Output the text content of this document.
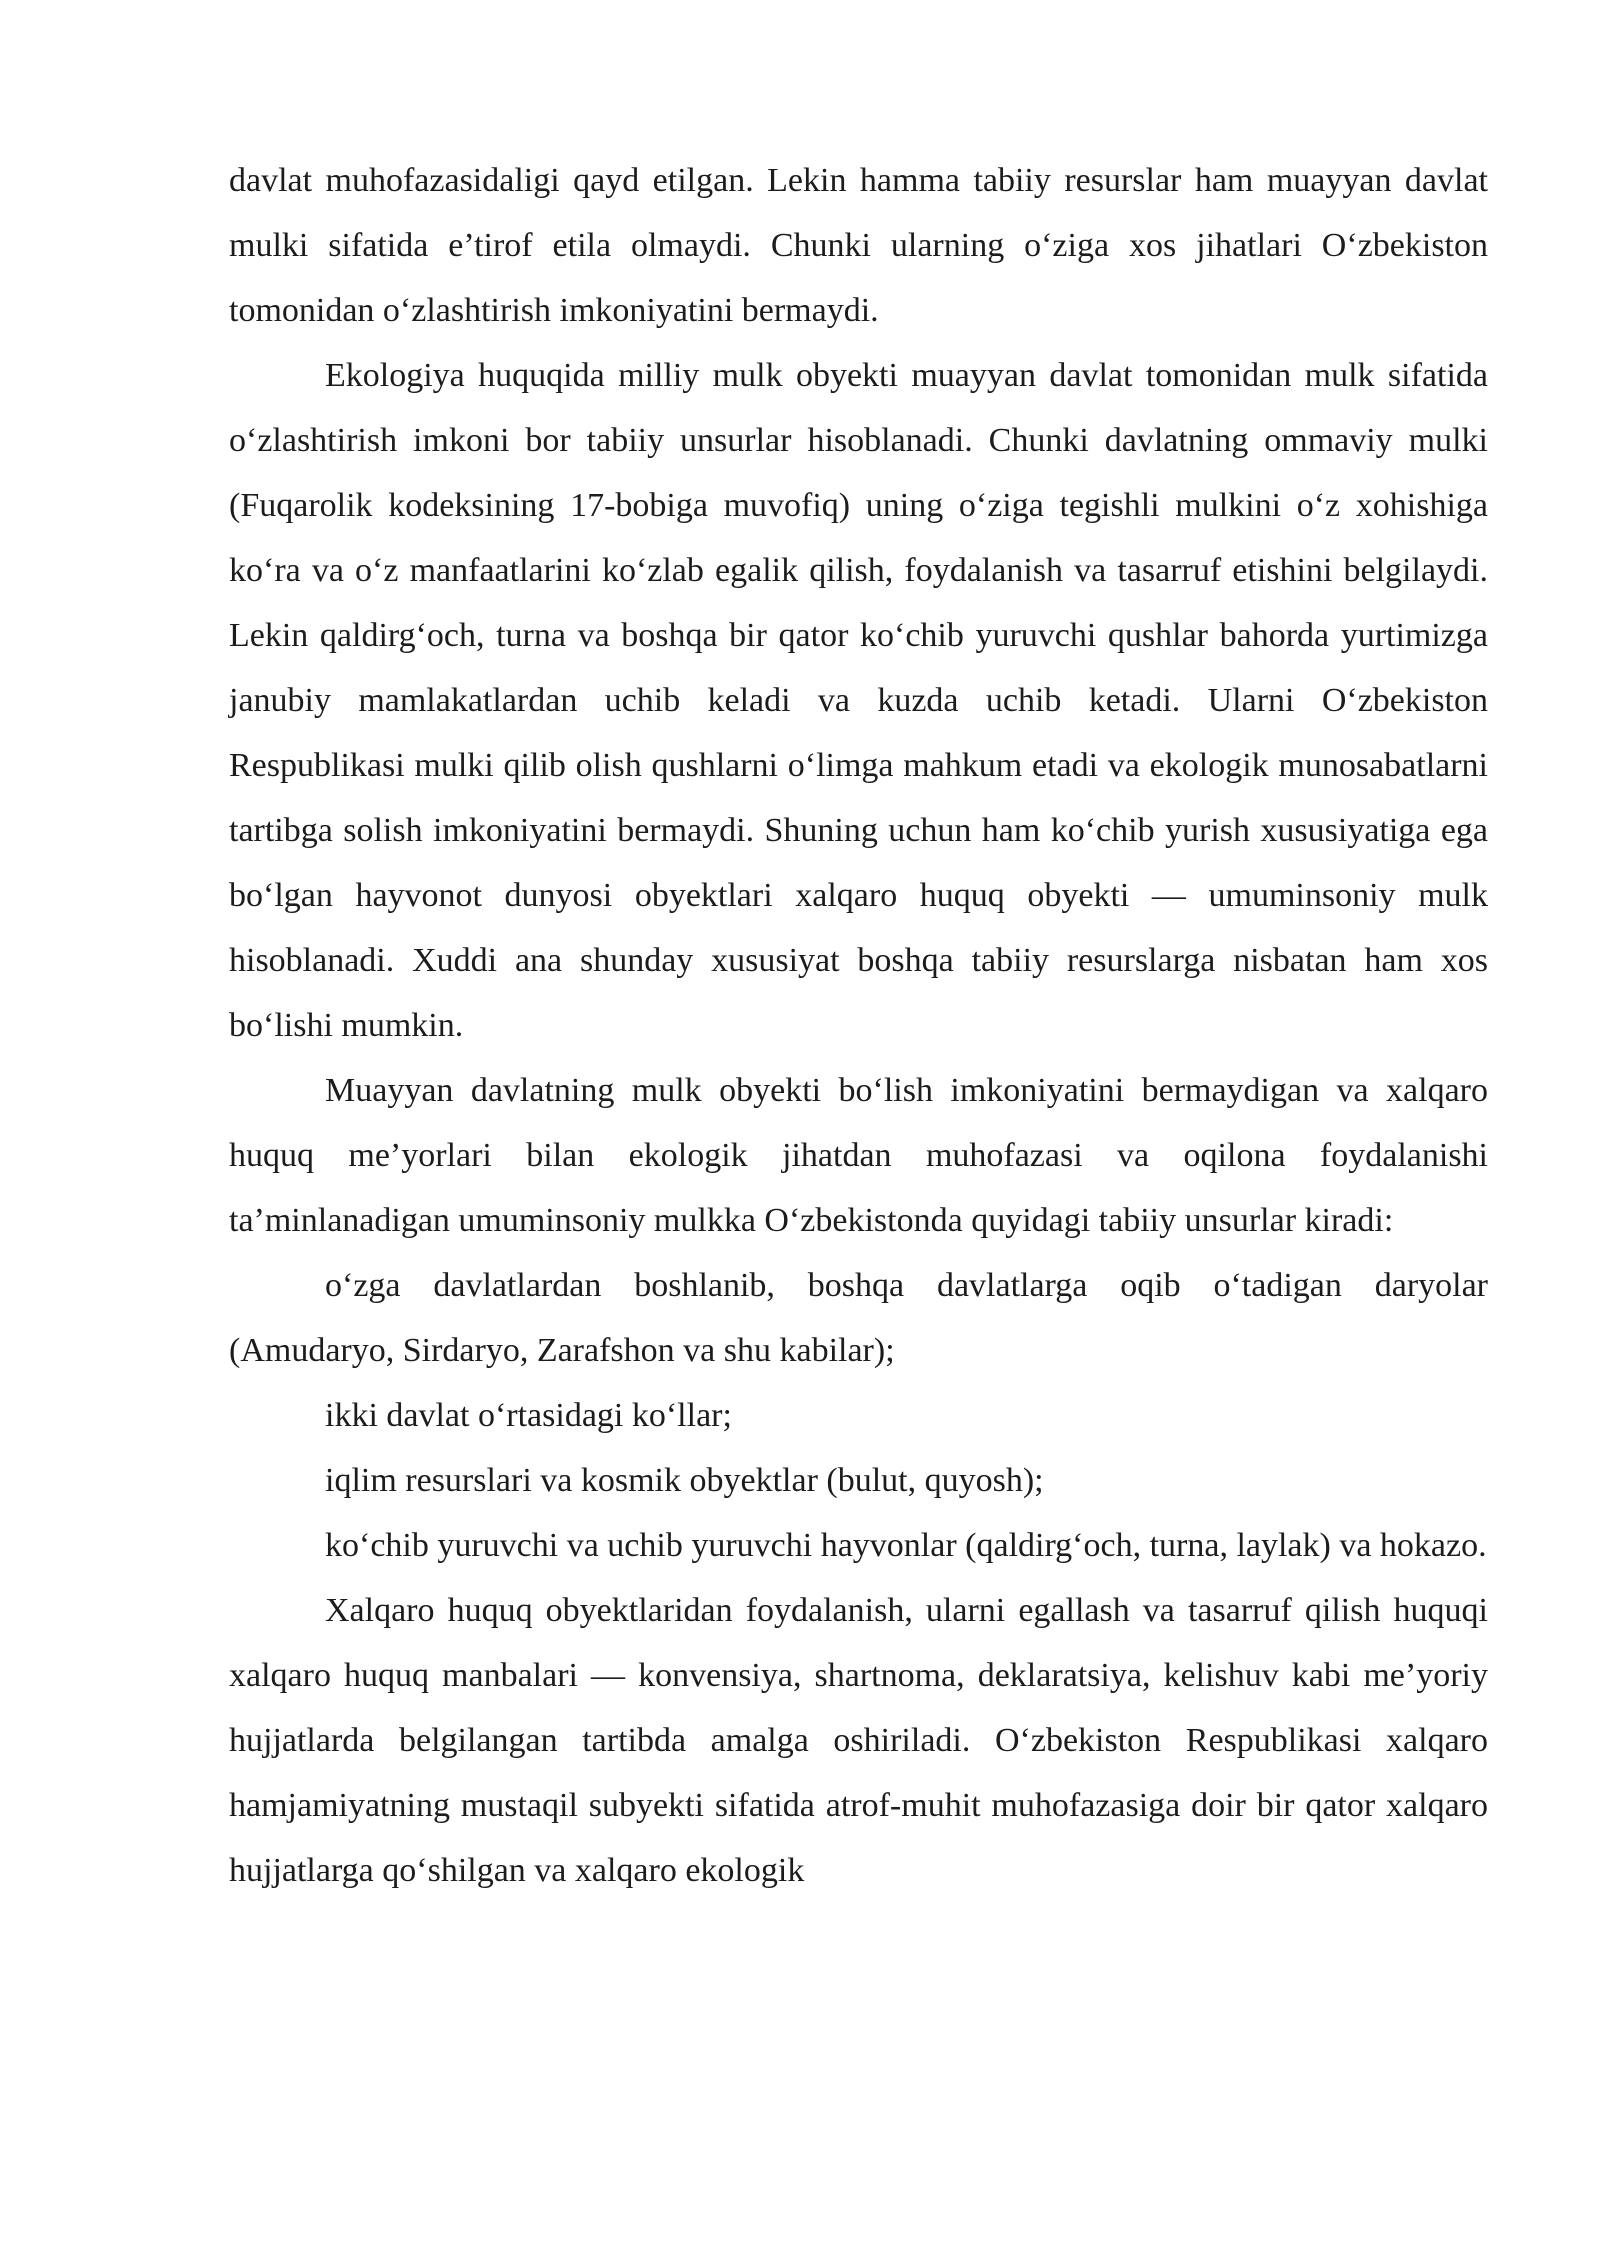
davlat muhofazasidaligi qayd etilgan. Lekin hamma tabiiy resurslar ham muayyan davlat mulki sifatida e’tirof etila olmaydi. Chunki ularning o‘ziga xos jihatlari O‘zbekiston tomonidan o‘zlashtirish imkoniyatini bermaydi.

Ekologiya huquqida milliy mulk obyekti muayyan davlat tomonidan mulk sifatida o‘zlashtirish imkoni bor tabiiy unsurlar hisoblanadi. Chunki davlatning ommaviy mulki (Fuqarolik kodeksining 17-bobiga muvofiq) uning o‘ziga tegishli mulkini o‘z xohishiga ko‘ra va o‘z manfaatlarini ko‘zlab egalik qilish, foydalanish va tasarruf etishini belgilaydi. Lekin qaldirg‘och, turna va boshqa bir qator ko‘chib yuruvchi qushlar bahorda yurtimizga janubiy mamlakatlardan uchib keladi va kuzda uchib ketadi. Ularni O‘zbekiston Respublikasi mulki qilib olish qushlarni o‘limga mahkum etadi va ekologik munosabatlarni tartibga solish imkoniyatini bermaydi. Shuning uchun ham ko‘chib yurish xususiyatiga ega bo‘lgan hayvonot dunyosi obyektlari xalqaro huquq obyekti — umuminsoniy mulk hisoblanadi. Xuddi ana shunday xususiyat boshqa tabiiy resurslarga nisbatan ham xos bo‘lishi mumkin.

Muayyan davlatning mulk obyekti bo‘lish imkoniyatini bermaydigan va xalqaro huquq me’yorlari bilan ekologik jihatdan muhofazasi va oqilona foydalanishi ta’minlanadigan umuminsoniy mulkka O‘zbekistonda quyidagi tabiiy unsurlar kiradi:

o‘zga davlatlardan boshlanib, boshqa davlatlarga oqib o‘tadigan daryolar (Amudaryo, Sirdaryo, Zarafshon va shu kabilar);

ikki davlat o‘rtasidagi ko‘llar;

iqlim resurslari va kosmik obyektlar (bulut, quyosh);

ko‘chib yuruvchi va uchib yuruvchi hayvonlar (qaldirg‘och, turna, laylak) va hokazo.

Xalqaro huquq obyektlaridan foydalanish, ularni egallash va tasarruf qilish huquqi xalqaro huquq manbalari — konvensiya, shartnoma, deklaratsiya, kelishuv kabi me’yoriy hujjatlarda belgilangan tartibda amalga oshiriladi. O‘zbekiston Respublikasi xalqaro hamjamiyatning mustaqil subyekti sifatida atrof-muhit muhofazasiga doir bir qator xalqaro hujjatlarga qo‘shilgan va xalqaro ekologik
